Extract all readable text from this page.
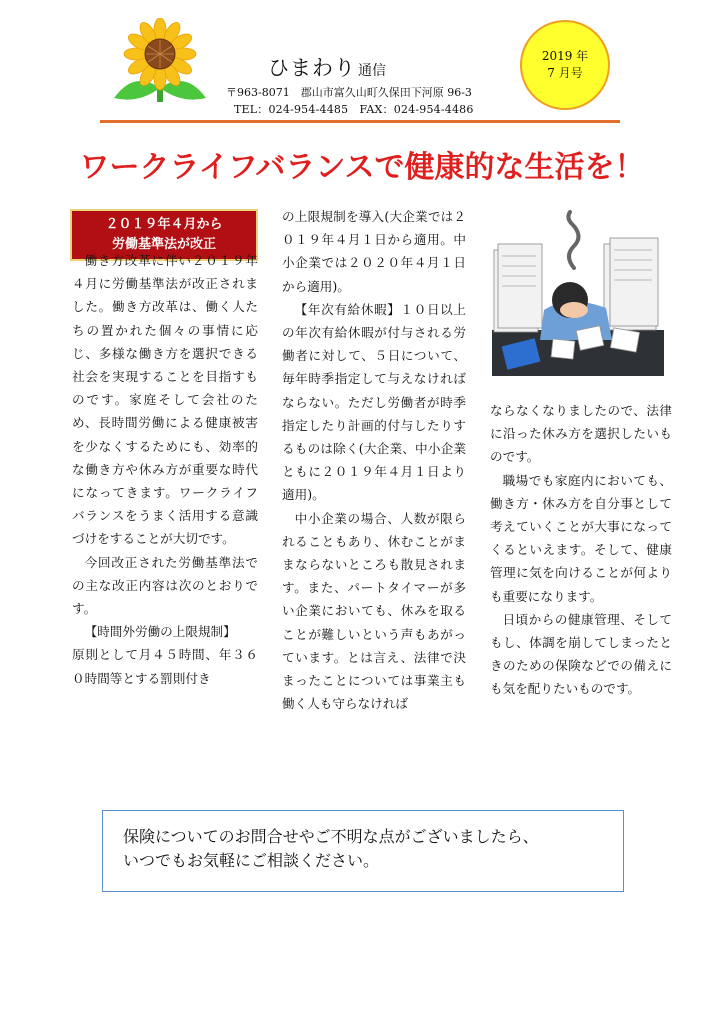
ひまわり 通信
〒963-8071　郡山市富久山町久保田下河原 96-3
TEL：024-954-4485　FAX：024-954-4486
2019 年
7 月号
ワークライフバランスで健康的な生活を！
２０１９年４月から
労働基準法が改正

働き方改革に伴い２０１９年４月に労働基準法が改正されました。働き方改革は、働く人たちの置かれた個々の事情に応じ、多様な働き方を選択できる社会を実現することを目指すものです。家庭そして会社のため、長時間労働による健康被害を少なくするためにも、効率的な働き方や休み方が重要な時代になってきます。ワークライフバランスをうまく活用する意識づけをすることが大切です。

今回改正された労働基準法での主な改正内容は次のとおりです。

【時間外労働の上限規制】

原則として月４５時間、年３６０時間等とする罰則付き

の上限規制を導入(大企業では２０１９年４月１日から適用。中小企業では２０２０年４月１日から適用)。

【年次有給休暇】１０日以上の年次有給休暇が付与される労働者に対して、５日について、毎年時季指定して与えなければならない。ただし労働者が時季指定したり計画的付与したりするものは除く(大企業、中小企業ともに２０１９年４月１日より適用)。

中小企業の場合、人数が限られることもあり、休むことがままならないところも散見されます。また、パートタイマーが多い企業においても、休みを取ることが難しいという声もあがっています。とは言え、法律で決まったことについては事業主も働く人も守らなければ

ならなくなりましたので、法律に沿った休み方を選択したいものです。

職場でも家庭内においても、働き方・休み方を自分事として考えていくことが大事になってくるといえます。そして、健康管理に気を向けることが何よりも重要になります。

日頃からの健康管理、そしてもし、体調を崩してしまったときのための保険などでの備えにも気を配りたいものです。

保険についてのお問合せやご不明な点がございましたら、
いつでもお気軽にご相談ください。
